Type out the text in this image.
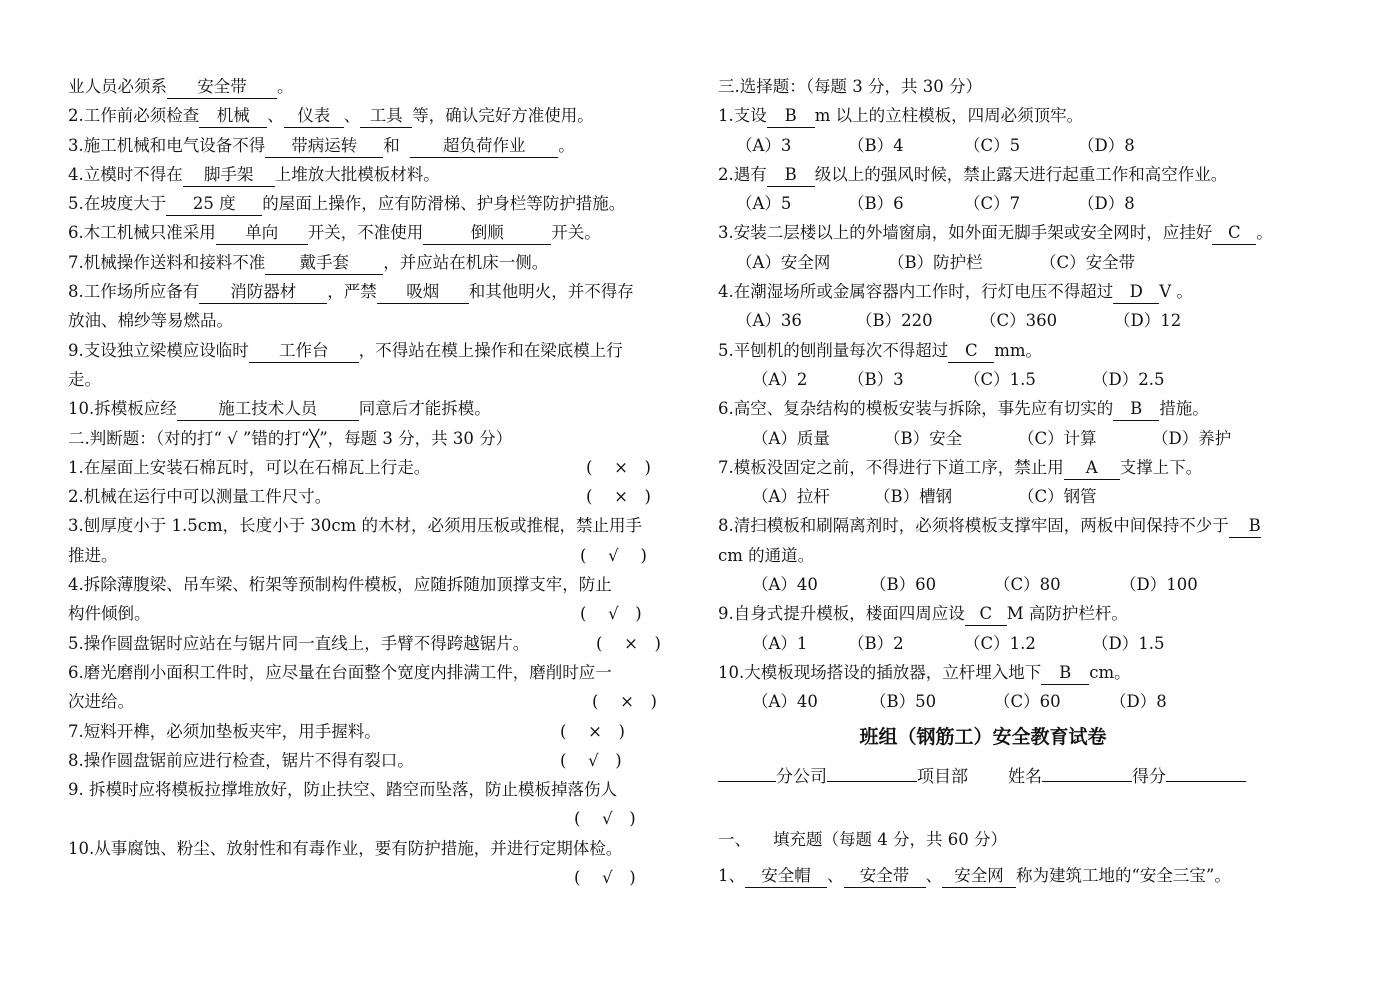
业人员必须系 安全带 。
2.工作前必须检查 机械 、 仪表 、 工具 等，确认完好方准使用。
3.施工机械和电气设备不得 带病运转 和	超负荷作业 。
4.立模时不得在 脚手架 上堆放大批模板材料。
5.在坡度大于 25 度 的屋面上操作，应有防滑梯、护身栏等防护措施。
6.木工机械只准采用 单向 开关，不准使用	倒顺	开关。
7.机械操作送料和接料不准 戴手套 ，并应站在机床一侧。
8.工作场所应备有 消防器材 ，严禁 吸烟 和其他明火，并不得存
放油、棉纱等易燃品。
9.支设独立梁模应设临时 工作台 ，不得站在模上操作和在梁底模上行
走。
10.拆模板应经	施工技术人员	同意后才能拆模。
二.判断题：（对的打“ √ ”错的打“╳”，每题 3 分，共 30 分）
1.在屋面上安装石棉瓦时，可以在石棉瓦上行走。	(　 ×　)
2.机械在运行中可以测量工件尺寸。	(　 ×　)
3.刨厚度小于 1.5cm，长度小于 30cm 的木材，必须用压板或推棍，禁止用手
推进。	(　 √　 )
4.拆除薄腹梁、吊车梁、桁架等预制构件模板，应随拆随加顶撑支牢，防止
构件倾倒。	(　 √　)
5.操作圆盘锯时应站在与锯片同一直线上，手臂不得跨越锯片。	(　 ×　)
6.磨光磨削小面积工件时，应尽量在台面整个宽度内排满工件，磨削时应一
次进给。	(　 ×　)
7.短料开榫，必须加垫板夹牢，用手握料。	(　 ×　)
8.操作圆盘锯前应进行检查，锯片不得有裂口。	(　 √　)
9. 拆模时应将模板拉撑堆放好，防止扶空、踏空而坠落，防止模板掉落伤人
(　 √　)
10.从事腐蚀、粉尘、放射性和有毒作业，要有防护措施，并进行定期体检。
(　 √　)
三.选择题：（每题 3 分，共 30 分）
1.支设 B m 以上的立柱模板，四周必须顶牢。
（A）3	（B）4	（C）5	（D）8
2.遇有 B 级以上的强风时候，禁止露天进行起重工作和高空作业。
（A）5	（B）6	（C）7	（D）8
3.安装二层楼以上的外墙窗扇，如外面无脚手架或安全网时，应挂好 C 。
（A）安全网	（B）防护栏	（C）安全带
4.在潮湿场所或金属容器内工作时，行灯电压不得超过 D V 。
（A）36	（B）220	（C）360	（D）12
5.平刨机的刨削量每次不得超过 C mm。
（A）2 （B）3	（C）1.5	（D）2.5
6.高空、复杂结构的模板安装与拆除，事先应有切实的 B 措施。
（A）质量	（B）安全	（C）计算	（D）养护
7.模板没固定之前，不得进行下道工序，禁止用 A 支撑上下。
（A）拉杆	（B）槽钢	（C）钢管
8.清扫模板和刷隔离剂时，必须将模板支撑牢固，两板中间保持不少于 B
cm 的通道。
（A）40	（B）60	（C）80	（D）100
9.自身式提升模板，楼面四周应设 C M 高防护栏杆。
（A）1 （B）2	（C）1.2	（D）1.5
10.大模板现场搭设的插放器，立杆埋入地下 B cm。
（A）40	（B）50	（C）60	（D）8
班组（钢筋工）安全教育试卷
分公司	项目部 姓名	得分
一、 填充题（每题 4 分，共 60 分）
1、 安全帽 、 安全带 、 安全网 称为建筑工地的“安全三宝”。
